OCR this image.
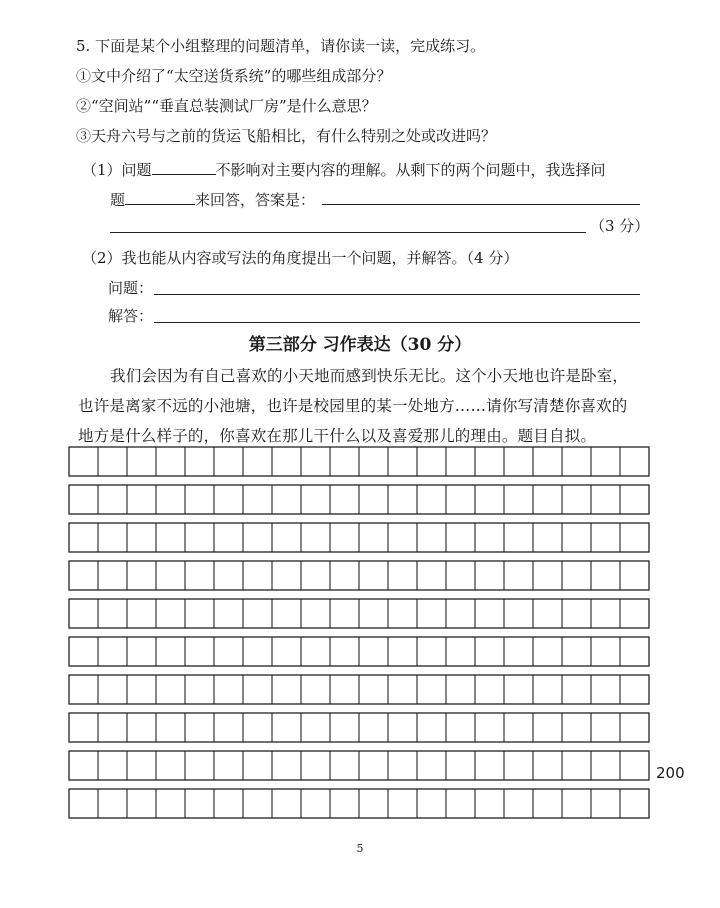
5. 下面是某个小组整理的问题清单，请你读一读，完成练习。
①文中介绍了“太空送货系统”的哪些组成部分？
②“空间站”“垂直总装测试厂房”是什么意思？
③天舟六号与之前的货运飞船相比，有什么特别之处或改进吗？
（1）问题	不影响对主要内容的理解。从剩下的两个问题中，我选择问
题	来回答，答案是：
（3 分）
（2）我也能从内容或写法的角度提出一个问题，并解答。（4 分）
问题：
解答：
第三部分 习作表达（30 分）
我们会因为有自己喜欢的小天地而感到快乐无比。这个小天地也许是卧室，
也许是离家不远的小池塘，也许是校园里的某一处地方……请你写清楚你喜欢的
地方是什么样子的，你喜欢在那儿干什么以及喜爱那儿的理由。题目自拟。
200
5
